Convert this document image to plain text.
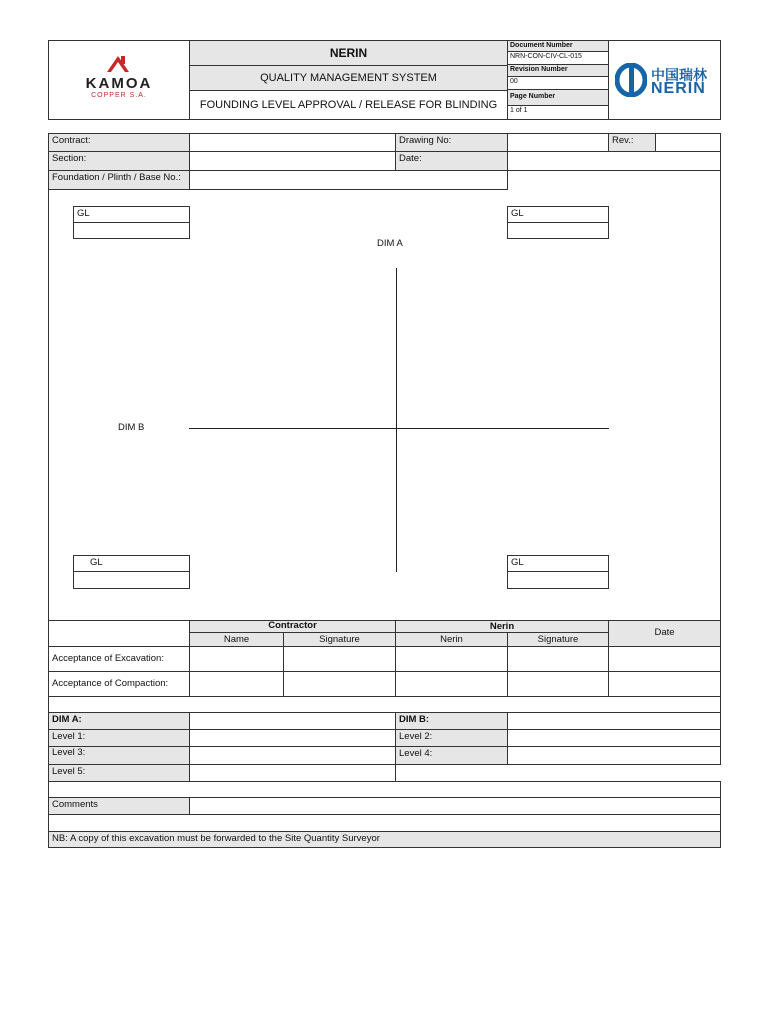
KAMOA
COPPER S.A.
NERIN
QUALITY MANAGEMENT SYSTEM
FOUNDING LEVEL APPROVAL / RELEASE FOR BLINDING
Document Number
NRN-CON-CIV-CL-015
Revision Number
00
Page Number
1 of 1
中国瑞林
NERIN
Contract:	Drawing No:	Rev.:
Section:	Date:
Foundation / Plinth / Base No.:
GL	GL
GL	GL
DIM A
DIM B
Contractor	Nerin
Date
Name	Signature	Nerin	Signature
Acceptance of Excavation:
Acceptance of Compaction:
DIM A:	DIM B:
Level 1:	Level 2:
Level 3:	Level 4:
Level 5:
Comments
NB: A copy of this excavation must be forwarded to the Site Quantity Surveyor
